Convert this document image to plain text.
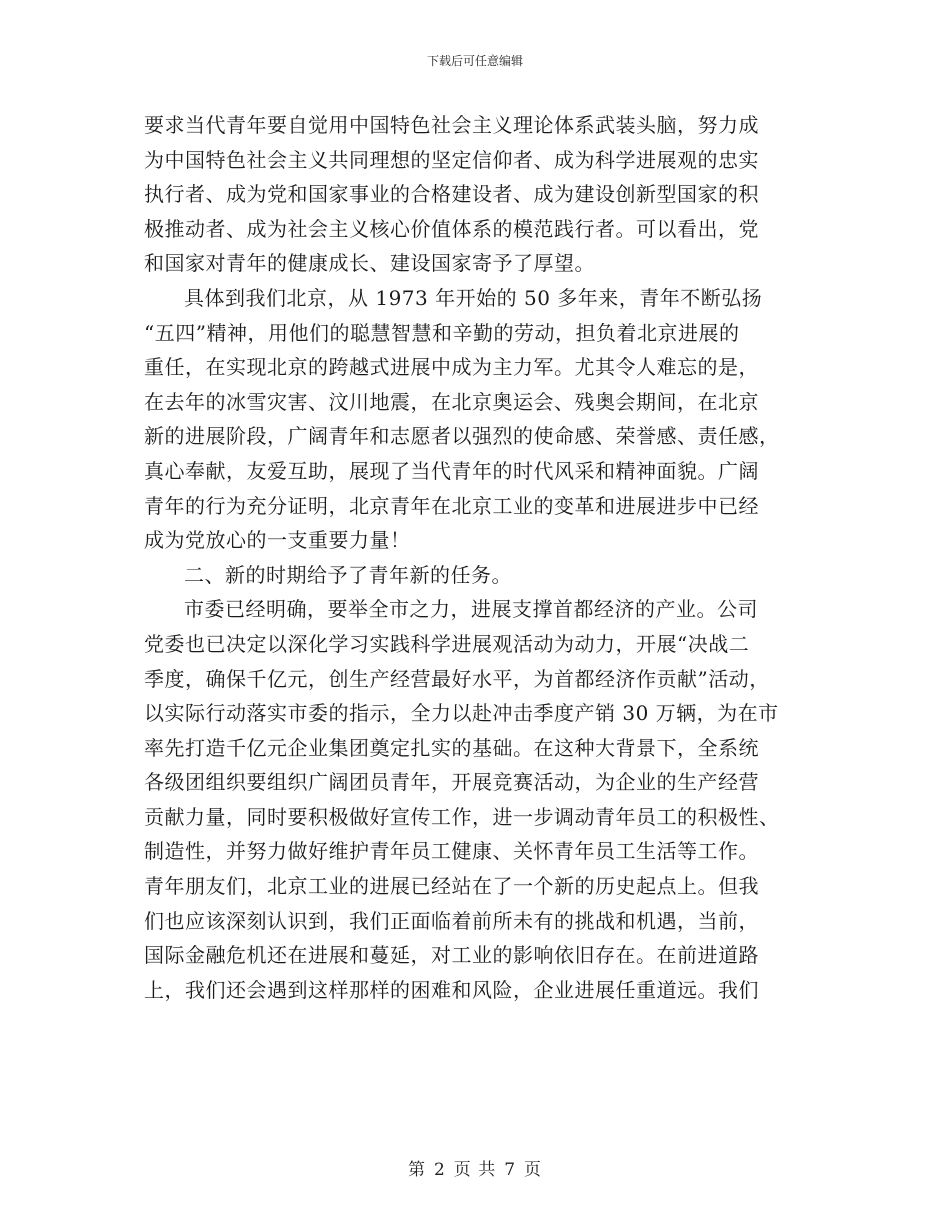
下载后可任意编辑
要求当代青年要自觉用中国特色社会主义理论体系武装头脑，努力成
为中国特色社会主义共同理想的坚定信仰者、成为科学进展观的忠实
执行者、成为党和国家事业的合格建设者、成为建设创新型国家的积
极推动者、成为社会主义核心价值体系的模范践行者。可以看出，党
和国家对青年的健康成长、建设国家寄予了厚望。
具体到我们北京，从 1973 年开始的 50 多年来，青年不断弘扬
“五四”精神，用他们的聪慧智慧和辛勤的劳动，担负着北京进展的
重任，在实现北京的跨越式进展中成为主力军。尤其令人难忘的是，
在去年的冰雪灾害、汶川地震，在北京奥运会、残奥会期间，在北京
新的进展阶段，广阔青年和志愿者以强烈的使命感、荣誉感、责任感，
真心奉献，友爱互助，展现了当代青年的时代风采和精神面貌。广阔
青年的行为充分证明，北京青年在北京工业的变革和进展进步中已经
成为党放心的一支重要力量！
二、新的时期给予了青年新的任务。
市委已经明确，要举全市之力，进展支撑首都经济的产业。公司
党委也已决定以深化学习实践科学进展观活动为动力，开展“决战二
季度，确保千亿元，创生产经营最好水平，为首都经济作贡献”活动，
以实际行动落实市委的指示，全力以赴冲击季度产销 30 万辆，为在市
率先打造千亿元企业集团奠定扎实的基础。在这种大背景下，全系统
各级团组织要组织广阔团员青年，开展竞赛活动，为企业的生产经营
贡献力量，同时要积极做好宣传工作，进一步调动青年员工的积极性、
制造性，并努力做好维护青年员工健康、关怀青年员工生活等工作。
青年朋友们，北京工业的进展已经站在了一个新的历史起点上。但我
们也应该深刻认识到，我们正面临着前所未有的挑战和机遇，当前，
国际金融危机还在进展和蔓延，对工业的影响依旧存在。在前进道路
上，我们还会遇到这样那样的困难和风险，企业进展任重道远。我们
第 2 页 共 7 页
